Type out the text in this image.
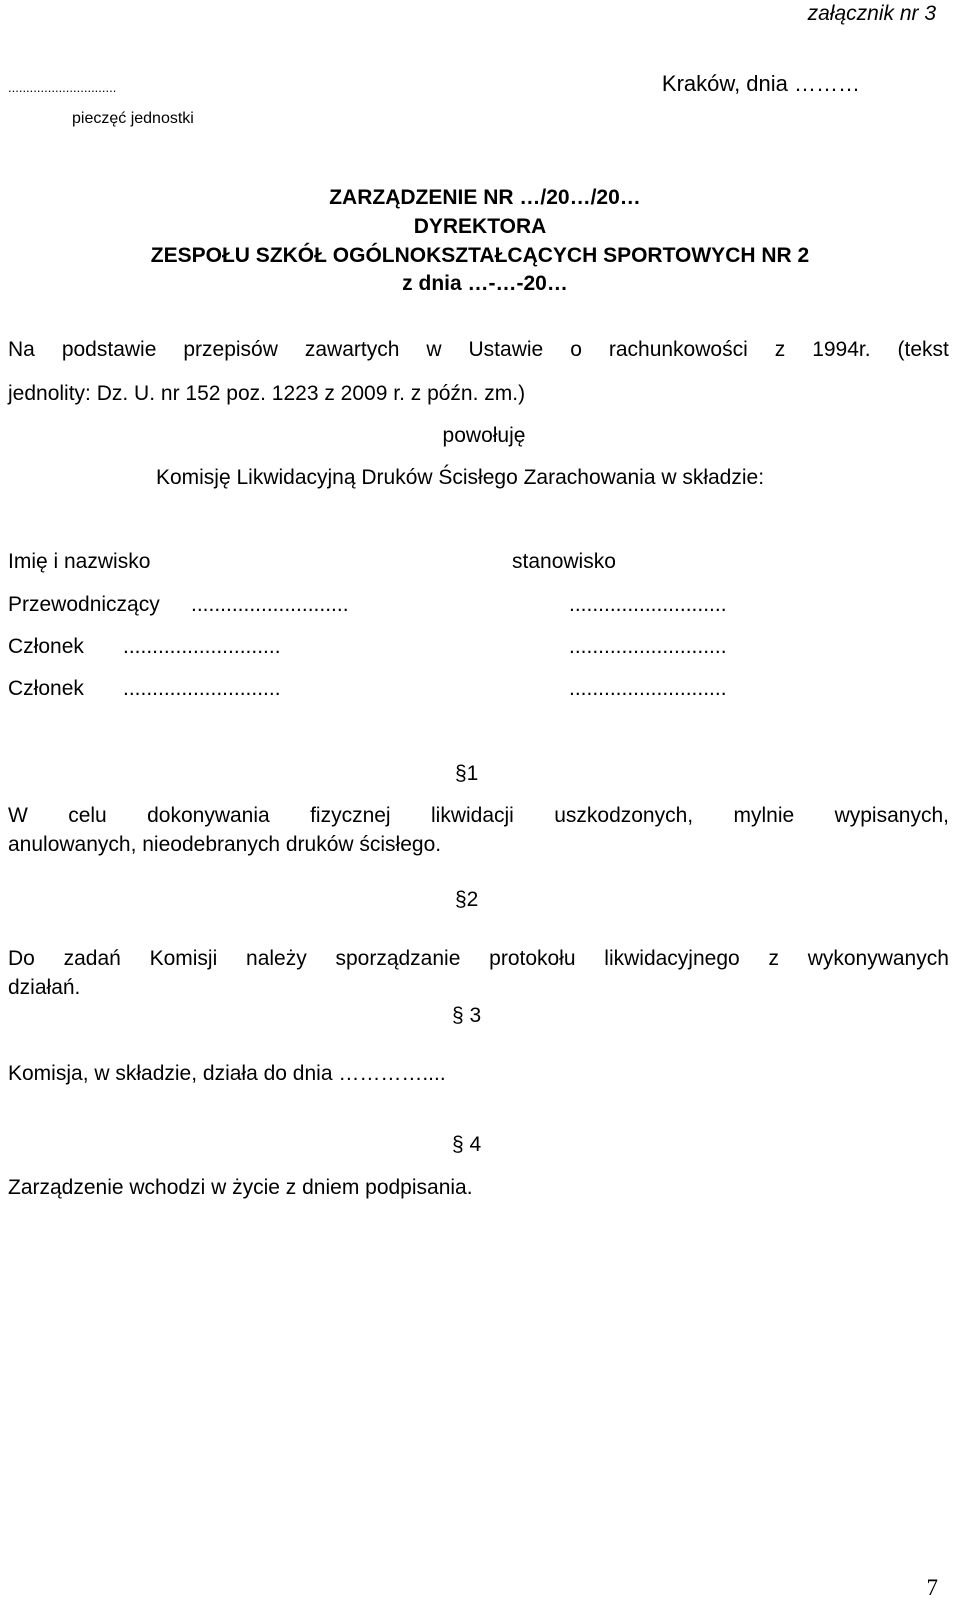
załącznik nr 3
..............................	Kraków, dnia ………
pieczęć jednostki
ZARZĄDZENIE NR …/20…/20…
DYREKTORA
ZESPOŁU SZKÓŁ OGÓLNOKSZTAŁCĄCYCH SPORTOWYCH NR 2
z dnia …-…-20…
Na podstawie przepisów zawartych w Ustawie o rachunkowości z 1994r. (tekst
jednolity: Dz. U. nr 152 poz. 1223 z 2009 r. z późn. zm.)
powołuję
Komisję Likwidacyjną Druków Ścisłego Zarachowania w składzie:
Imię i nazwisko	stanowisko
Przewodniczący ...........................	...........................
Członek ...........................	...........................
Członek ...........................	...........................
§1
W celu dokonywania fizycznej likwidacji uszkodzonych, mylnie wypisanych,
anulowanych, nieodebranych druków ścisłego.
§2
Do zadań Komisji należy sporządzanie protokołu likwidacyjnego z wykonywanych
działań.
§ 3
Komisja, w składzie, działa do dnia …………....
§ 4
Zarządzenie wchodzi w życie z dniem podpisania.
7
